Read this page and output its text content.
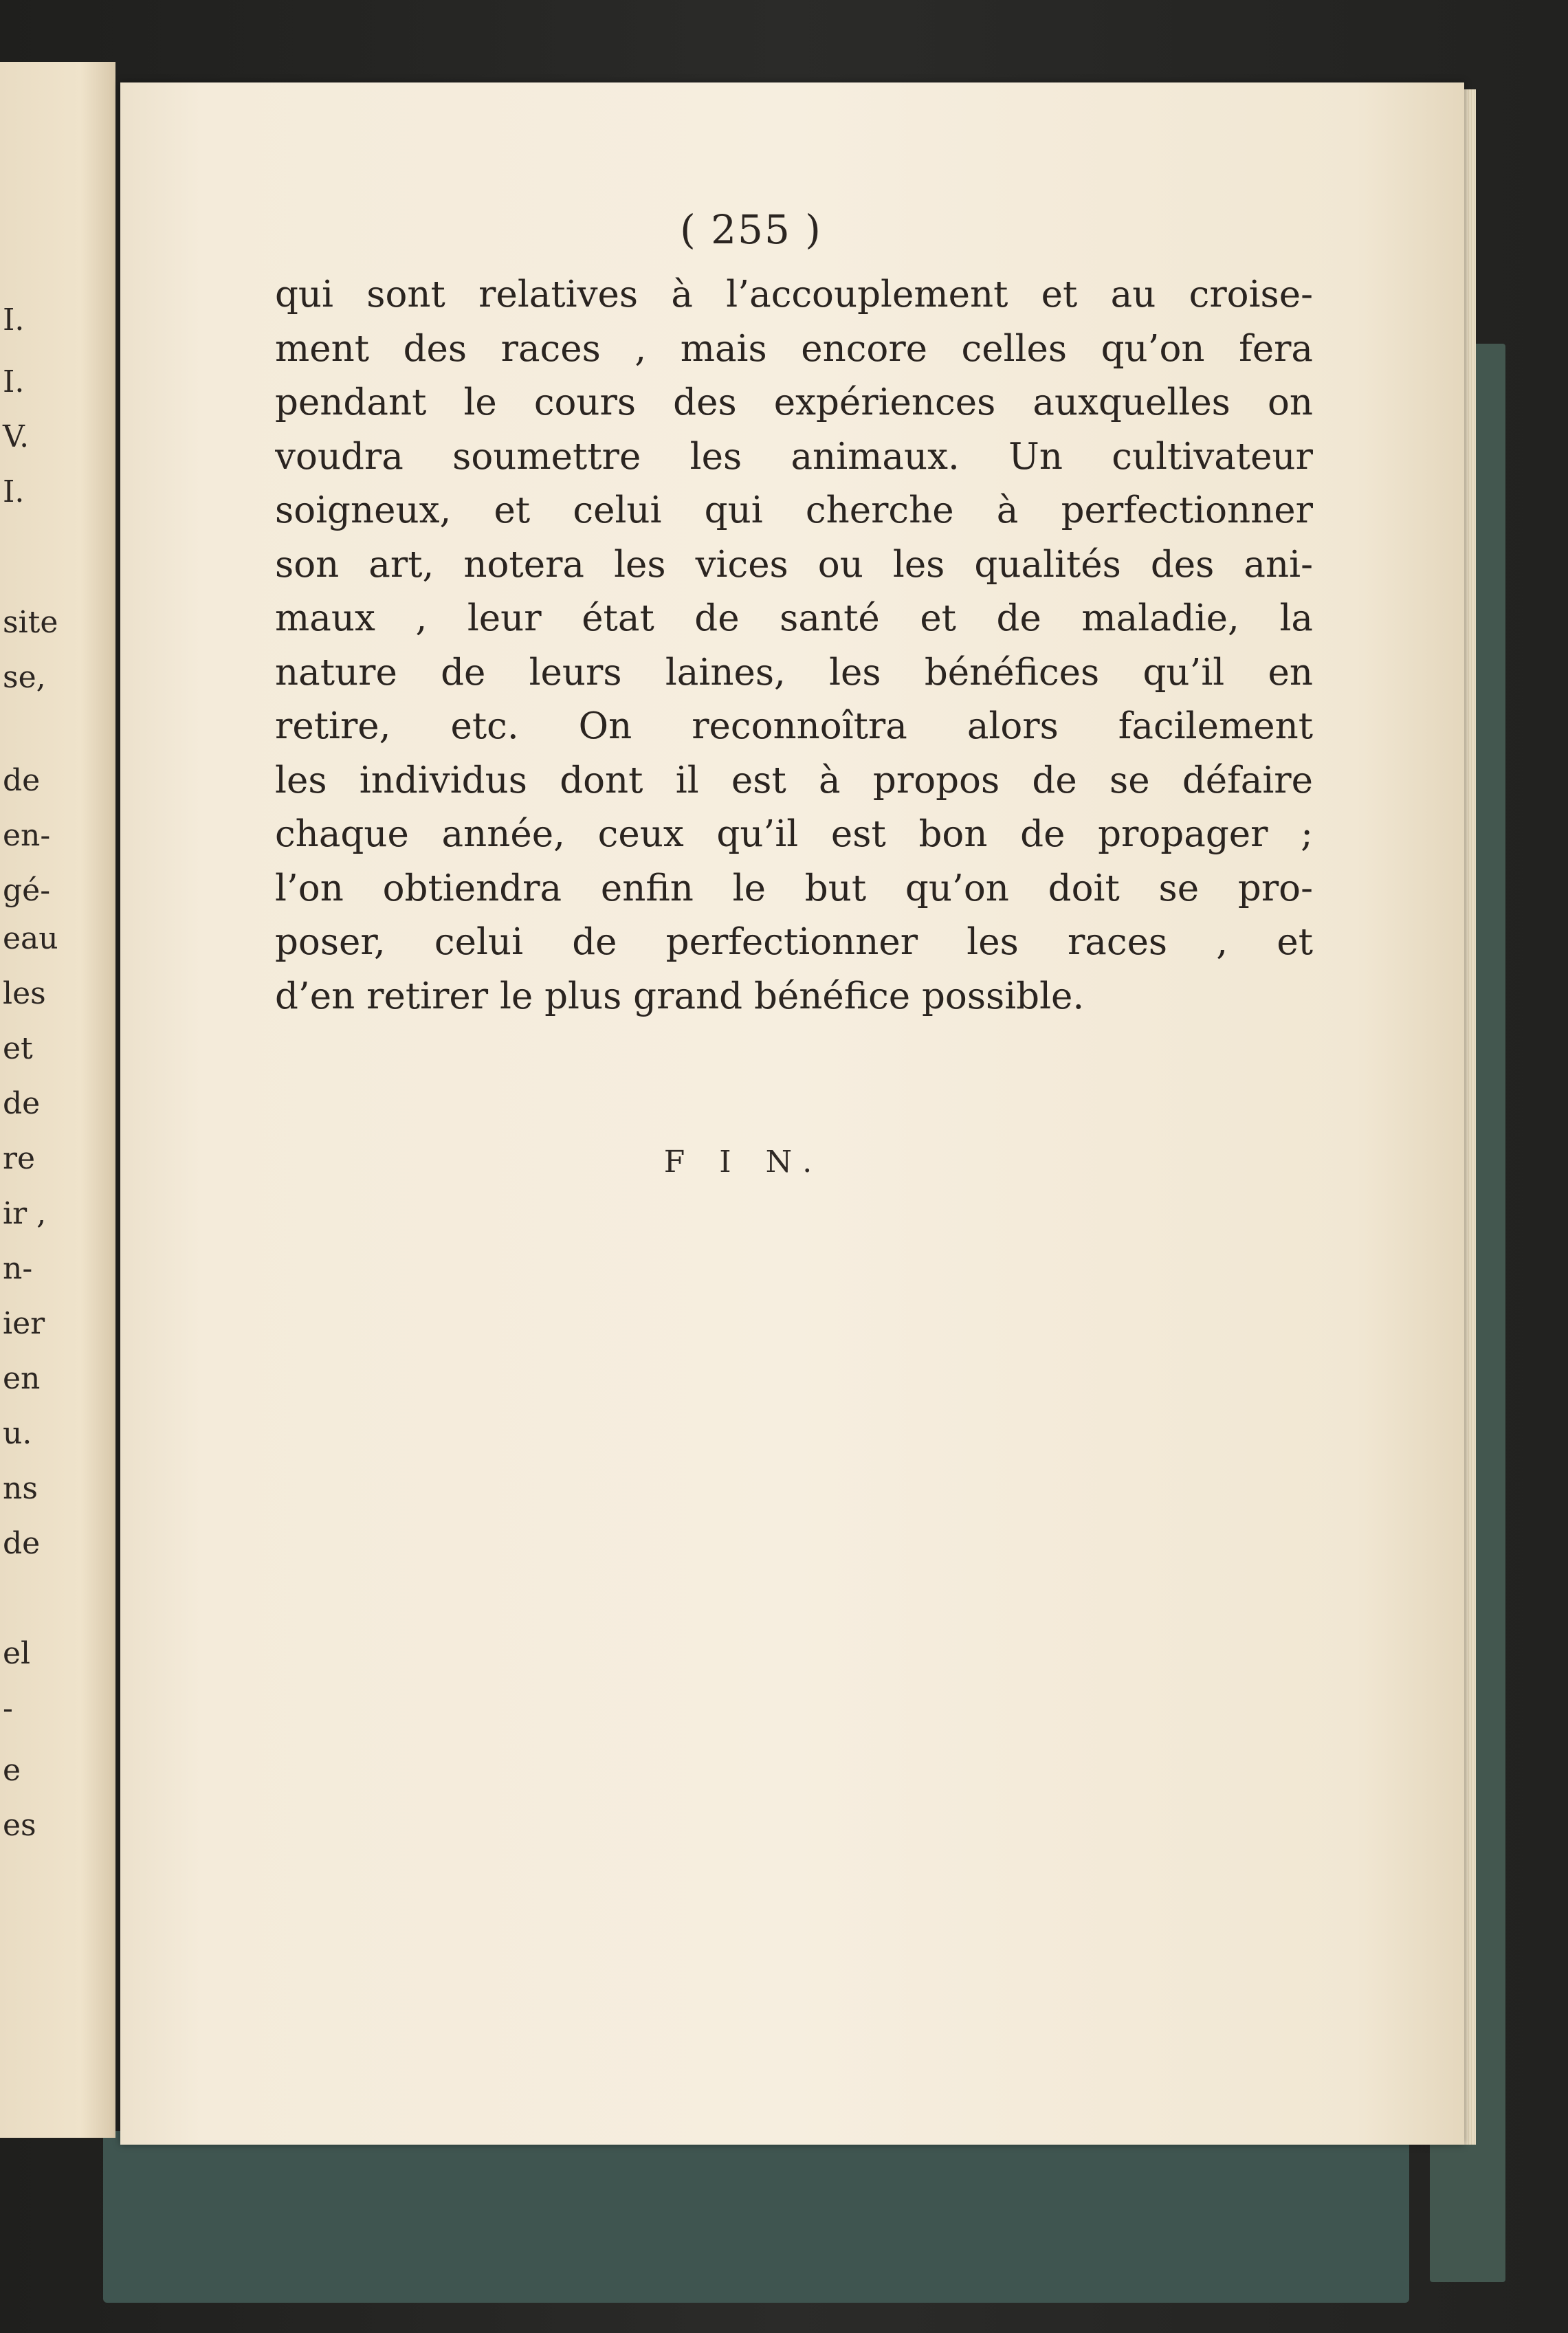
I.
I.
V.
I.
site
se,
de
en-
gé-
eau
les
et
de
re
ir ,
n-
ier
en
u.
ns
de
el
-
e
es
( 255 )
qui sont relatives à l’accouplement et au croise-
ment des races , mais encore celles qu’on fera
pendant le cours des expériences auxquelles on
voudra soumettre les animaux. Un cultivateur
soigneux, et celui qui cherche à perfectionner
son art, notera les vices ou les qualités des ani-
maux , leur état de santé et de maladie, la
nature de leurs laines, les bénéfices qu’il en
retire, etc. On reconnoîtra alors facilement
les individus dont il est à propos de se défaire
chaque année, ceux qu’il est bon de propager ;
l’on obtiendra enfin le but qu’on doit se pro-
poser, celui de perfectionner les races , et
d’en retirer le plus grand bénéfice possible.
F I N.
